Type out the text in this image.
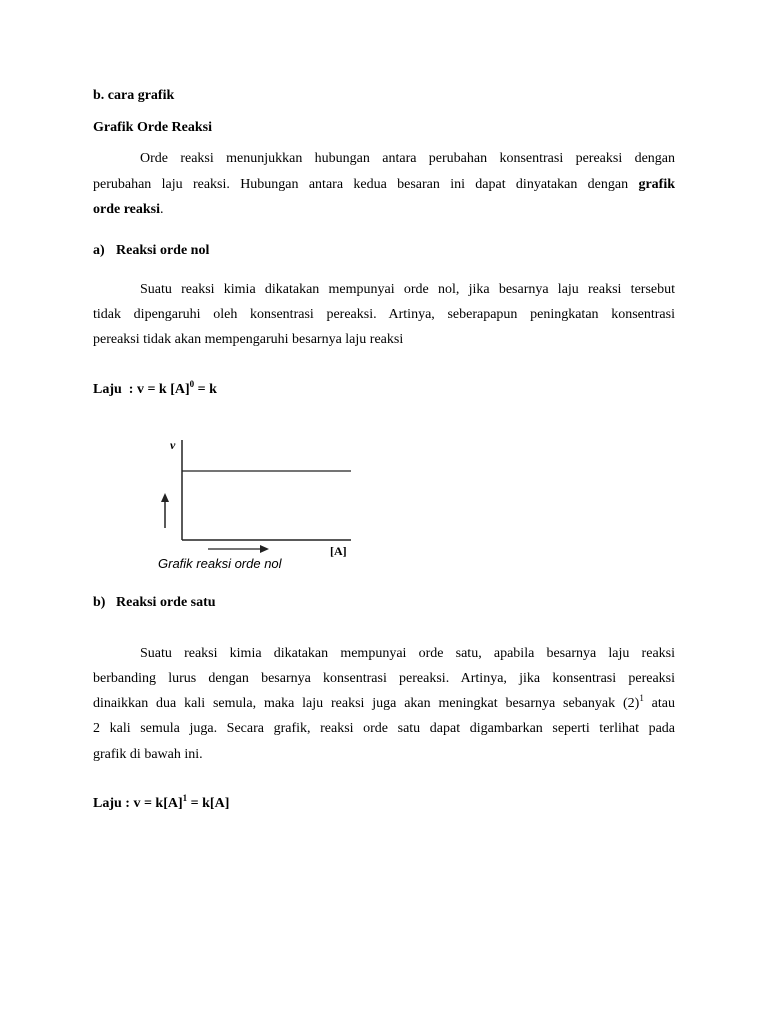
b. cara grafik
Grafik Orde Reaksi
Orde reaksi menunjukkan hubungan antara perubahan konsentrasi pereaksi dengan
perubahan laju reaksi. Hubungan antara kedua besaran ini dapat dinyatakan dengan grafik
orde reaksi.
a) Reaksi orde nol
Suatu reaksi kimia dikatakan mempunyai orde nol, jika besarnya laju reaksi tersebut
tidak dipengaruhi oleh konsentrasi pereaksi. Artinya, seberapapun peningkatan konsentrasi
pereaksi tidak akan mempengaruhi besarnya laju reaksi
Laju : v = k $[A]^0 = k$
v
[A]
Grafik reaksi orde nol
b) Reaksi orde satu
Suatu reaksi kimia dikatakan mempunyai orde satu, apabila besarnya laju reaksi
berbanding lurus dengan besarnya konsentrasi pereaksi. Artinya, jika konsentrasi pereaksi
dinaikkan dua kali semula, maka laju reaksi juga akan meningkat besarnya sebanyak $(2)^1$ atau
2 kali semula juga. Secara grafik, reaksi orde satu dapat digambarkan seperti terlihat pada
grafik di bawah ini.
Laju : $v = k[A]^1 = k[A]$
